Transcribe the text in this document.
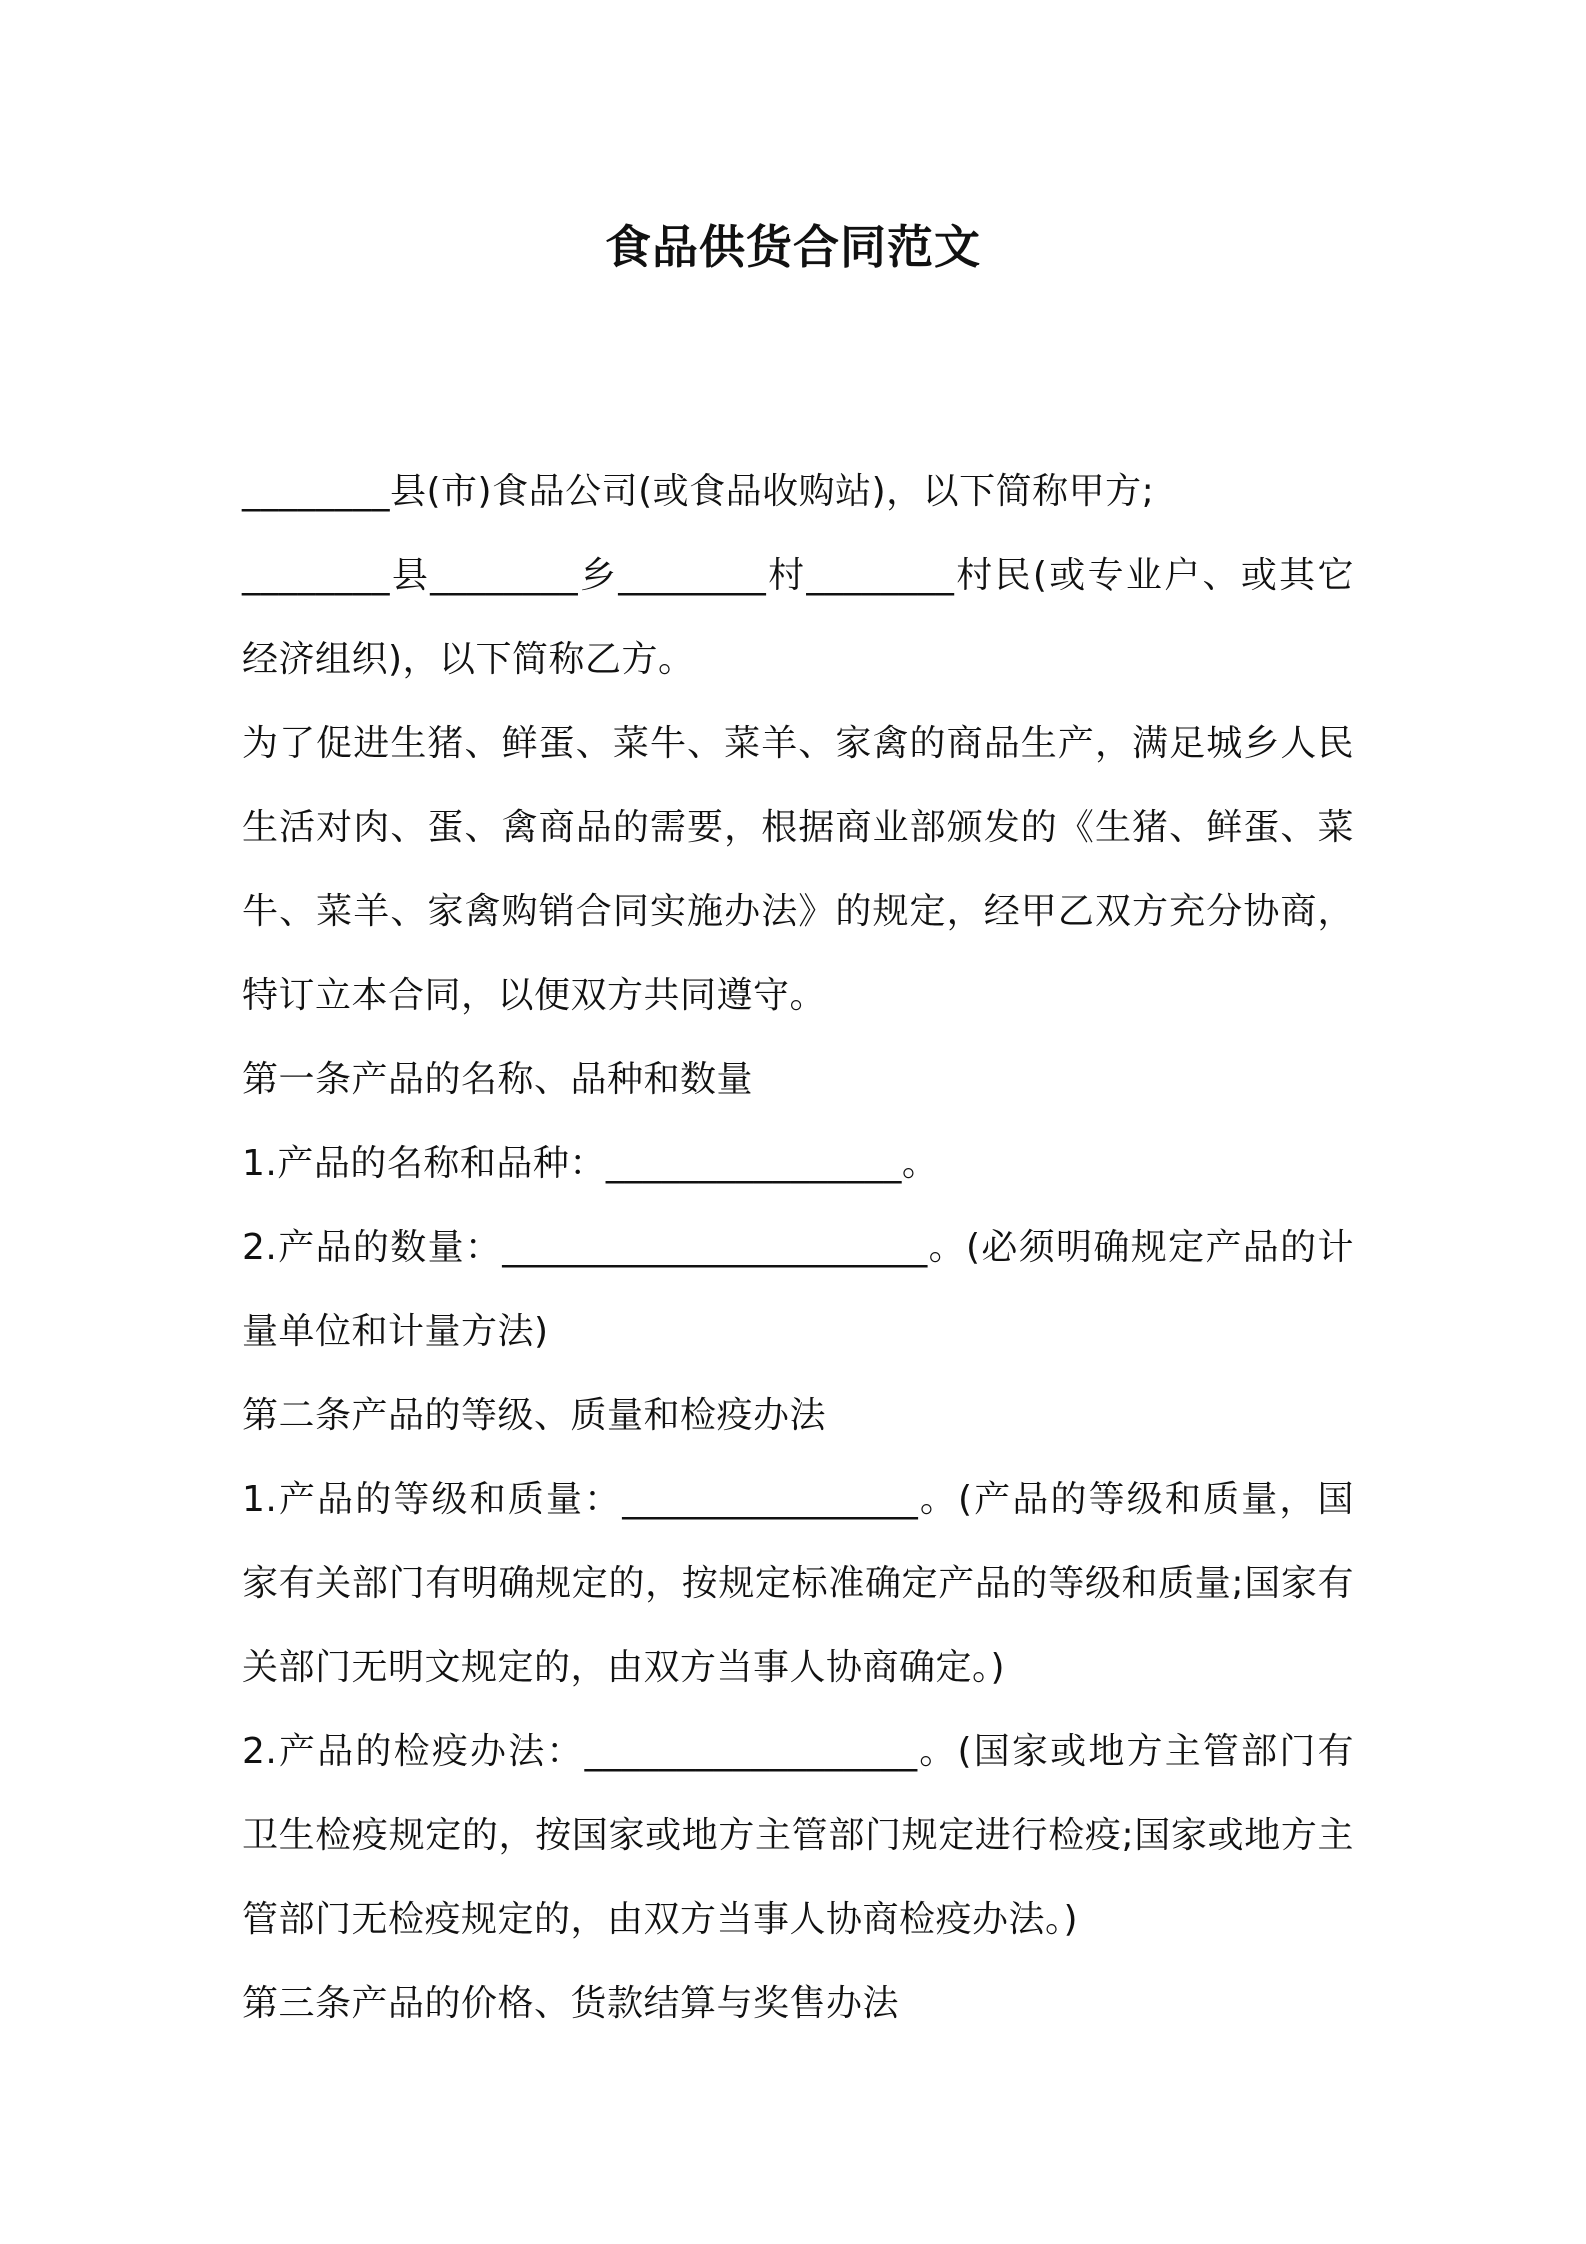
食品供货合同范文

________县(市)食品公司(或食品收购站)，以下简称甲方;

________县________乡________村________村民(或专业户、或其它经济组织)，以下简称乙方。

为了促进生猪、鲜蛋、菜牛、菜羊、家禽的商品生产，满足城乡人民生活对肉、蛋、禽商品的需要，根据商业部颁发的《生猪、鲜蛋、菜牛、菜羊、家禽购销合同实施办法》的规定，经甲乙双方充分协商，特订立本合同，以便双方共同遵守。

第一条产品的名称、品种和数量

1.产品的名称和品种：________________。

2.产品的数量：_______________________。(必须明确规定产品的计量单位和计量方法)

第二条产品的等级、质量和检疫办法

1.产品的等级和质量：________________。(产品的等级和质量，国家有关部门有明确规定的，按规定标准确定产品的等级和质量;国家有关部门无明文规定的，由双方当事人协商确定。)

2.产品的检疫办法：__________________。(国家或地方主管部门有卫生检疫规定的，按国家或地方主管部门规定进行检疫;国家或地方主管部门无检疫规定的，由双方当事人协商检疫办法。)

第三条产品的价格、货款结算与奖售办法
